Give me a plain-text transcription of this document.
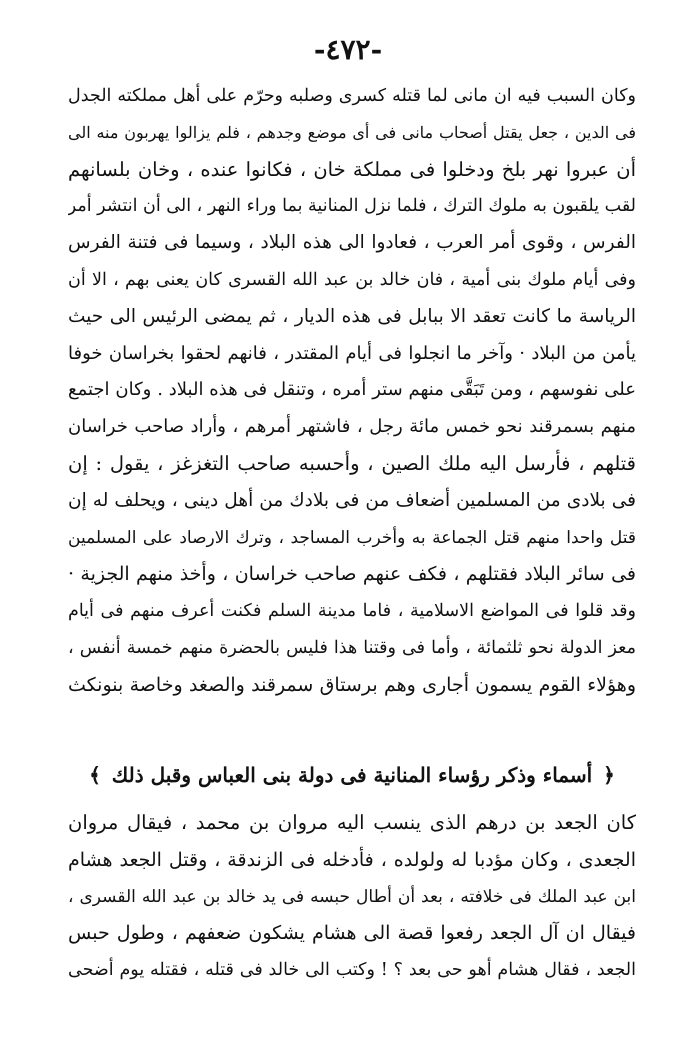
-٤٧٢-

وكان السبب فيه ان مانى لما قتله كسرى وصلبه وحرّم على أهل مملكته الجدل
فى الدين ، جعل يقتل أصحاب مانى فى أى موضع وجدهم ، فلم يزالوا يهربون منه الى
أن عبروا نهر بلخ ودخلوا فى مملكة خان ، فكانوا عنده ، وخان بلسانهم
لقب يلقبون به ملوك الترك ، فلما نزل المنانية بما وراء النهر ، الى أن انتشر أمر
الفرس ، وقوى أمر العرب ، فعادوا الى هذه البلاد ، وسيما فى فتنة الفرس
وفى أيام ملوك بنى أمية ، فان خالد بن عبد الله القسرى كان يعنى بهم ، الا أن
الرياسة ما كانت تعقد الا ببابل فى هذه الديار ، ثم يمضى الرئيس الى حيث
يأمن من البلاد · وآخر ما انجلوا فى أيام المقتدر ، فانهم لحقوا بخراسان خوفا
على نفوسهم ، ومن تَبَقَّى منهم ستر أمره ، وتنقل فى هذه البلاد . وكان اجتمع
منهم بسمرقند نحو خمس مائة رجل ، فاشتهر أمرهم ، وأراد صاحب خراسان
قتلهم ، فأرسل اليه ملك الصين ، وأحسبه صاحب التغزغز ، يقول : إن
فى بلادى من المسلمين أضعاف من فى بلادك من أهل دينى ، ويحلف له إن
قتل واحدا منهم قتل الجماعة به وأخرب المساجد ، وترك الارصاد على المسلمين
فى سائر البلاد فقتلهم ، فكف عنهم صاحب خراسان ، وأخذ منهم الجزية ·
وقد قلوا فى المواضع الاسلامية ، فاما مدينة السلم فكنت أعرف منهم فى أيام
معز الدولة نحو ثلثمائة ، وأما فى وقتنا هذا فليس بالحضرة منهم خمسة أنفس ،
وهؤلاء القوم يسمون أجارى وهم برستاق سمرقند والصغد وخاصة بنونكث
﴿ أسماء وذكر رؤساء المنانية فى دولة بنى العباس وقبل ذلك ﴾
كان الجعد بن درهم الذى ينسب اليه مروان بن محمد ، فيقال مروان
الجعدى ، وكان مؤدبا له ولولده ، فأدخله فى الزندقة ، وقتل الجعد هشام
ابن عبد الملك فى خلافته ، بعد أن أطال حبسه فى يد خالد بن عبد الله القسرى ،
فيقال ان آل الجعد رفعوا قصة الى هشام يشكون ضعفهم ، وطول حبس
الجعد ، فقال هشام أهو حى بعد ؟ ! وكتب الى خالد فى قتله ، فقتله يوم أضحى
